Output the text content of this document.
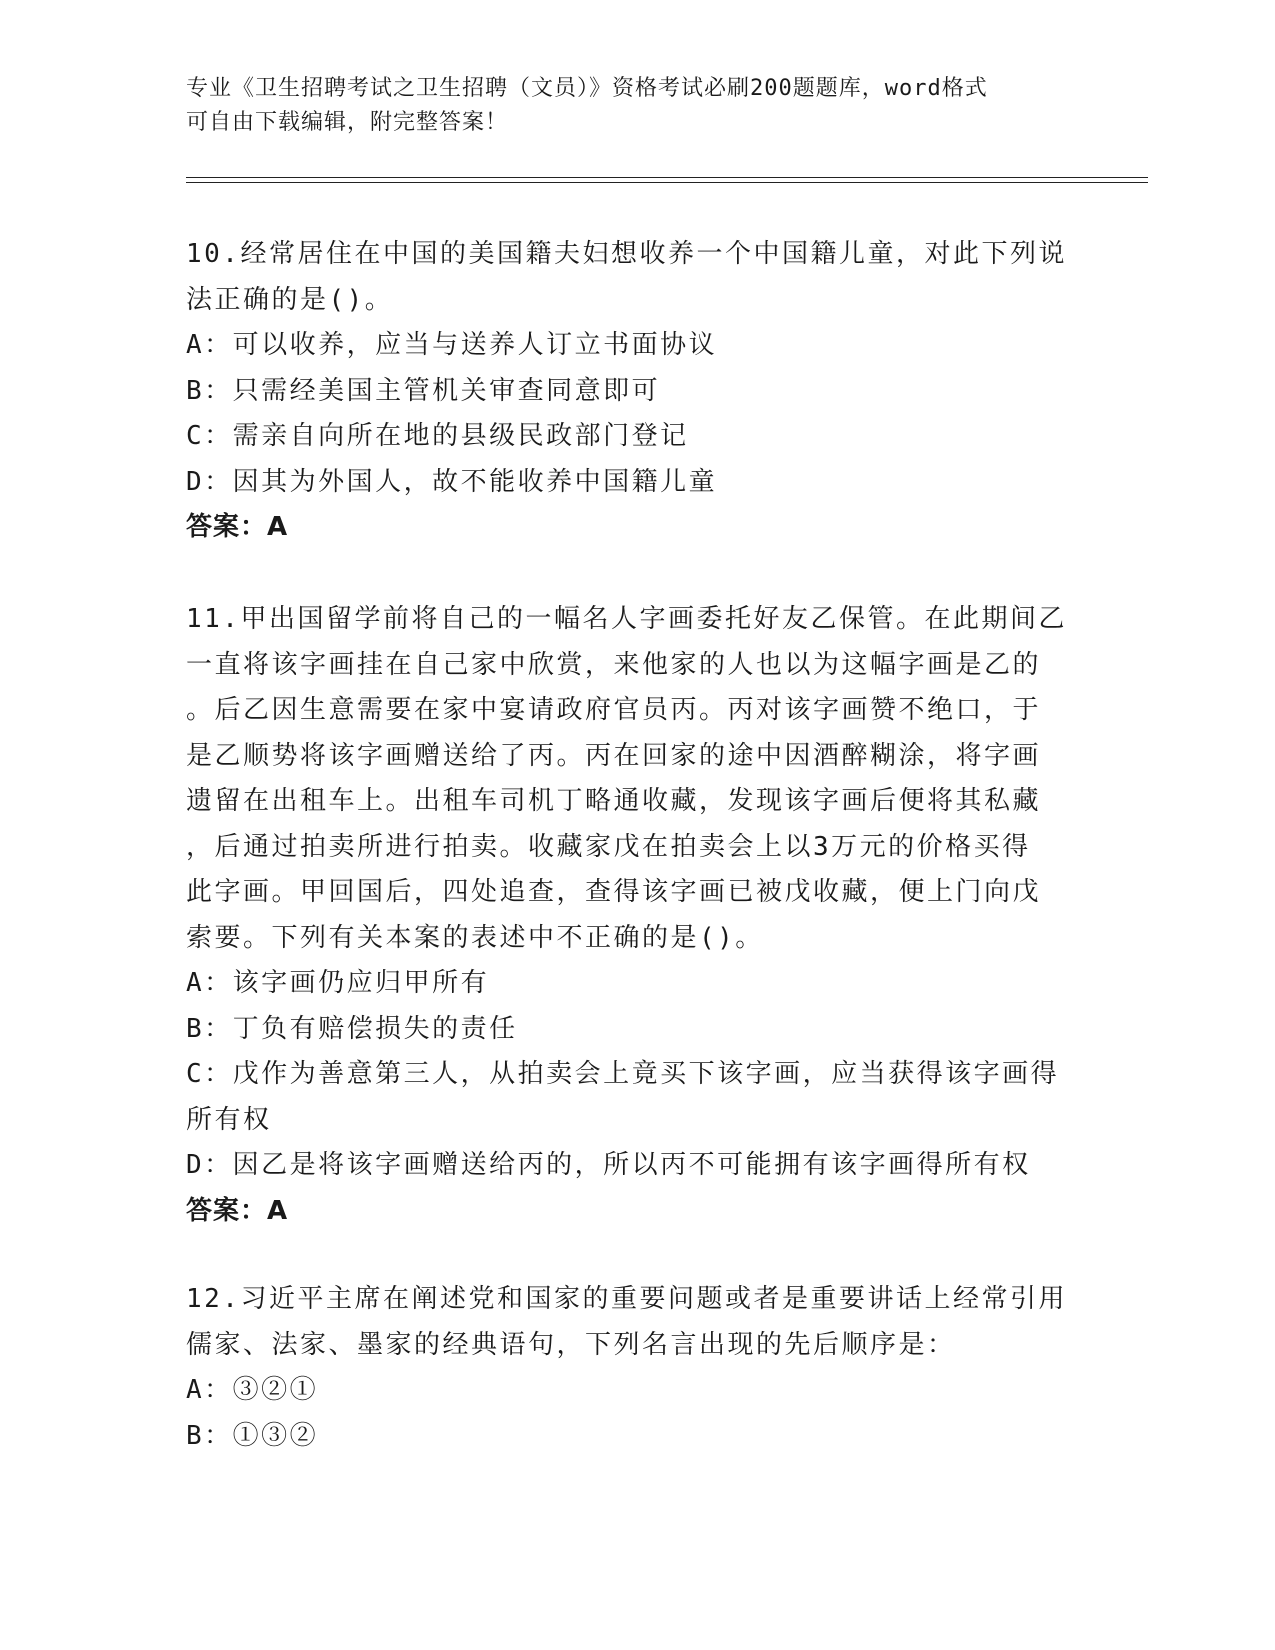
专业《卫生招聘考试之卫生招聘（文员）》资格考试必刷200题题库，word格式
可自由下载编辑，附完整答案！
10.经常居住在中国的美国籍夫妇想收养一个中国籍儿童，对此下列说
法正确的是()。
A：可以收养，应当与送养人订立书面协议
B：只需经美国主管机关审查同意即可
C：需亲自向所在地的县级民政部门登记
D：因其为外国人，故不能收养中国籍儿童
答案：A
11.甲出国留学前将自己的一幅名人字画委托好友乙保管。在此期间乙
一直将该字画挂在自己家中欣赏，来他家的人也以为这幅字画是乙的
。后乙因生意需要在家中宴请政府官员丙。丙对该字画赞不绝口，于
是乙顺势将该字画赠送给了丙。丙在回家的途中因酒醉糊涂，将字画
遗留在出租车上。出租车司机丁略通收藏，发现该字画后便将其私藏
，后通过拍卖所进行拍卖。收藏家戊在拍卖会上以3万元的价格买得
此字画。甲回国后，四处追查，查得该字画已被戊收藏，便上门向戊
索要。下列有关本案的表述中不正确的是()。
A：该字画仍应归甲所有
B：丁负有赔偿损失的责任
C：戊作为善意第三人，从拍卖会上竟买下该字画，应当获得该字画得
所有权
D：因乙是将该字画赠送给丙的，所以丙不可能拥有该字画得所有权
答案：A
12.习近平主席在阐述党和国家的重要问题或者是重要讲话上经常引用
儒家、法家、墨家的经典语句，下列名言出现的先后顺序是：
A：③②①
B：①③②
